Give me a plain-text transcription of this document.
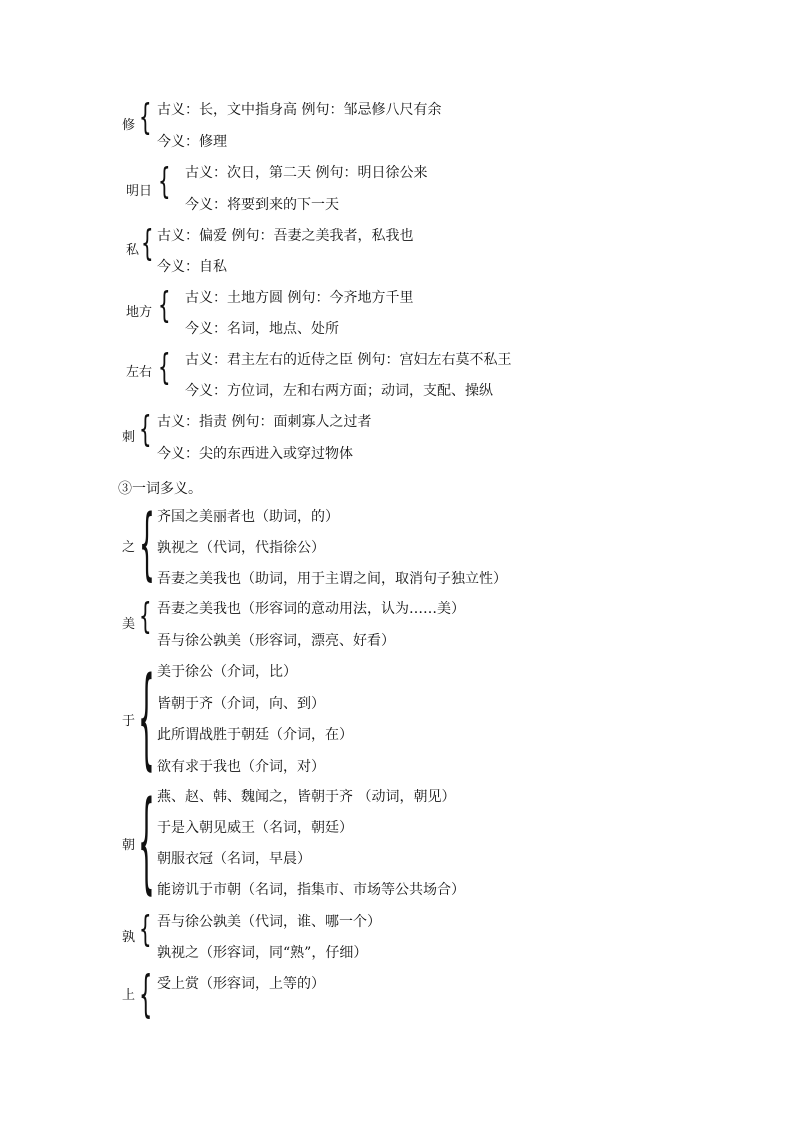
修 { 古义：长，文中指身高 例句：邹忌修八尺有余
今义：修理
明日 { 古义：次日，第二天 例句：明日徐公来
今义：将要到来的下一天
私 { 古义：偏爱 例句：吾妻之美我者，私我也
今义：自私
地方 { 古义：土地方圆 例句：今齐地方千里
今义：名词，地点、处所
左右 { 古义：君主左右的近侍之臣 例句：宫妇左右莫不私王
今义：方位词，左和右两方面；动词，支配、操纵
刺 { 古义：指责 例句：面刺寡人之过者
今义：尖的东西进入或穿过物体
③一词多义。
之 { 齐国之美丽者也（助词，的）
孰视之（代词，代指徐公）
吾妻之美我也（助词，用于主谓之间，取消句子独立性）
美 { 吾妻之美我也（形容词的意动用法，认为……美）
吾与徐公孰美（形容词，漂亮、好看）
于 { 美于徐公（介词，比）
皆朝于齐（介词，向、到）
此所谓战胜于朝廷（介词，在）
欲有求于我也（介词，对）
朝 { 燕、赵、韩、魏闻之，皆朝于齐 （动词，朝见）
于是入朝见威王（名词，朝廷）
朝服衣冠（名词，早晨）
能谤讥于市朝（名词，指集市、市场等公共场合）
孰 { 吾与徐公孰美（代词，谁、哪一个）
孰视之（形容词，同“熟”，仔细）
上 { 受上赏（形容词，上等的）
